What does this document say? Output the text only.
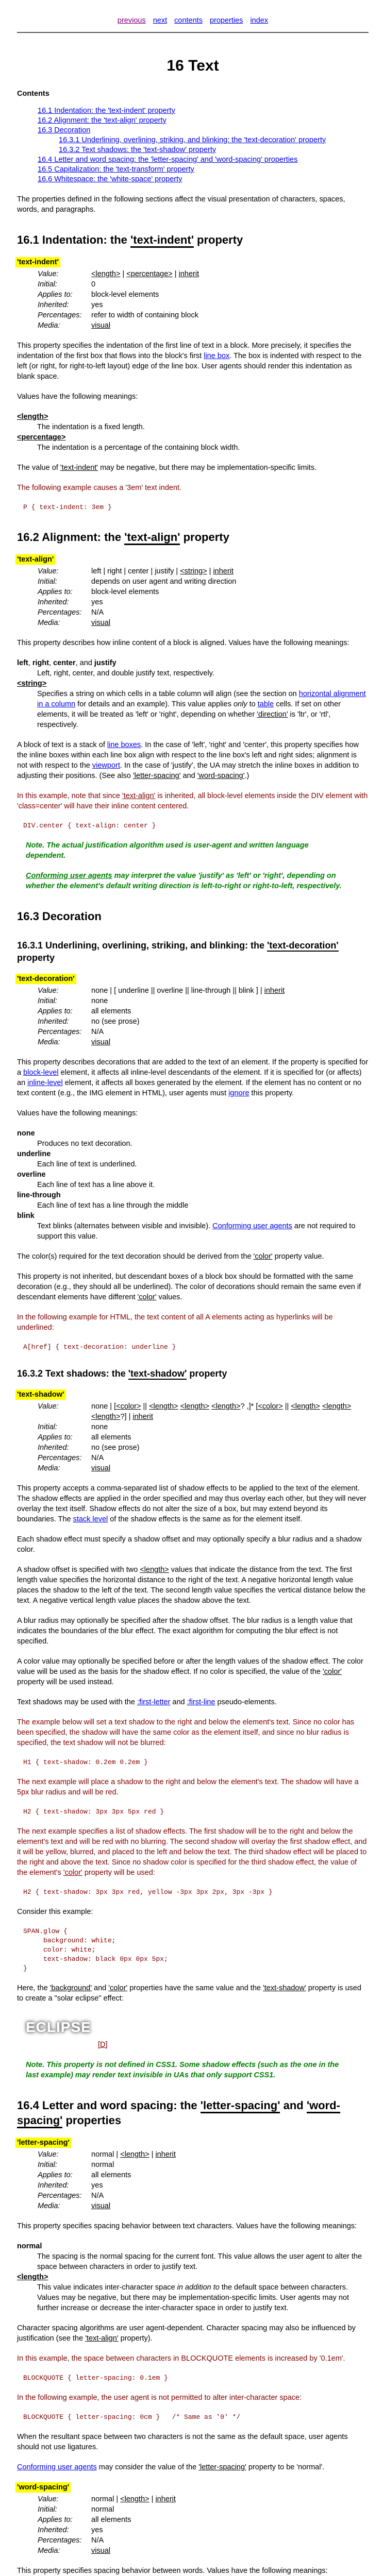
previous next contents properties index
16 Text
Contents
16.1 Indentation: the 'text-indent' property
16.2 Alignment: the 'text-align' property
16.3 Decoration
16.3.1 Underlining, overlining, striking, and blinking: the 'text-decoration' property
16.3.2 Text shadows: the 'text-shadow' property
16.4 Letter and word spacing: the 'letter-spacing' and 'word-spacing' properties
16.5 Capitalization: the 'text-transform' property
16.6 Whitespace: the 'white-space' property

The properties defined in the following sections affect the visual presentation of characters, spaces, words, and paragraphs.

16.1 Indentation: the 'text-indent' property
'text-indent'
Value:	<length> | <percentage> | inherit
Initial:	0
Applies to:	block-level elements
Inherited:	yes
Percentages:	refer to width of containing block
Media:	visual

This property specifies the indentation of the first line of text in a block. More precisely, it specifies the indentation of the first box that flows into the block's first line box. The box is indented with respect to the left (or right, for right-to-left layout) edge of the line box. User agents should render this indentation as blank space.

Values have the following meanings:

<length>
The indentation is a fixed length.
<percentage>
The indentation is a percentage of the containing block width.

The value of 'text-indent' may be negative, but there may be implementation-specific limits.

The following example causes a '3em' text indent.

P { text-indent: 3em }
16.2 Alignment: the 'text-align' property
'text-align'
Value:	left | right | center | justify | <string> | inherit
Initial:	depends on user agent and writing direction
Applies to:	block-level elements
Inherited:	yes
Percentages:	N/A
Media:	visual

This property describes how inline content of a block is aligned. Values have the following meanings:

left, right, center, and justify
Left, right, center, and double justify text, respectively.
<string>
Specifies a string on which cells in a table column will align (see the section on horizontal alignment in a column for details and an example). This value applies only to table cells. If set on other elements, it will be treated as 'left' or 'right', depending on whether 'direction' is 'ltr', or 'rtl', respectively.

A block of text is a stack of line boxes. In the case of 'left', 'right' and 'center', this property specifies how the inline boxes within each line box align with respect to the line box's left and right sides; alignment is not with respect to the viewport. In the case of 'justify', the UA may stretch the inline boxes in addition to adjusting their positions. (See also 'letter-spacing' and 'word-spacing'.)

In this example, note that since 'text-align' is inherited, all block-level elements inside the DIV element with 'class=center' will have their inline content centered.

DIV.center { text-align: center }

Note. The actual justification algorithm used is user-agent and written language dependent.

Conforming user agents may interpret the value 'justify' as 'left' or 'right', depending on whether the element's default writing direction is left-to-right or right-to-left, respectively.

16.3 Decoration
16.3.1 Underlining, overlining, striking, and blinking: the 'text-decoration' property
'text-decoration'
Value:	none | [ underline || overline || line-through || blink ] | inherit
Initial:	none
Applies to:	all elements
Inherited:	no (see prose)
Percentages:	N/A
Media:	visual

This property describes decorations that are added to the text of an element. If the property is specified for a block-level element, it affects all inline-level descendants of the element. If it is specified for (or affects) an inline-level element, it affects all boxes generated by the element. If the element has no content or no text content (e.g., the IMG element in HTML), user agents must ignore this property.

Values have the following meanings:

none
Produces no text decoration.
underline
Each line of text is underlined.
overline
Each line of text has a line above it.
line-through
Each line of text has a line through the middle
blink
Text blinks (alternates between visible and invisible). Conforming user agents are not required to support this value.

The color(s) required for the text decoration should be derived from the 'color' property value.

This property is not inherited, but descendant boxes of a block box should be formatted with the same decoration (e.g., they should all be underlined). The color of decorations should remain the same even if descendant elements have different 'color' values.

In the following example for HTML, the text content of all A elements acting as hyperlinks will be underlined:

A[href] { text-decoration: underline }
16.3.2 Text shadows: the 'text-shadow' property
'text-shadow'
Value:	none | [<color> || <length> <length> <length>? ,]* [<color> || <length> <length> <length>?] | inherit
Initial:	none
Applies to:	all elements
Inherited:	no (see prose)
Percentages:	N/A
Media:	visual

This property accepts a comma-separated list of shadow effects to be applied to the text of the element. The shadow effects are applied in the order specified and may thus overlay each other, but they will never overlay the text itself. Shadow effects do not alter the size of a box, but may extend beyond its boundaries. The stack level of the shadow effects is the same as for the element itself.

Each shadow effect must specify a shadow offset and may optionally specify a blur radius and a shadow color.

A shadow offset is specified with two <length> values that indicate the distance from the text. The first length value specifies the horizontal distance to the right of the text. A negative horizontal length value places the shadow to the left of the text. The second length value specifies the vertical distance below the text. A negative vertical length value places the shadow above the text.

A blur radius may optionally be specified after the shadow offset. The blur radius is a length value that indicates the boundaries of the blur effect. The exact algorithm for computing the blur effect is not specified.

A color value may optionally be specified before or after the length values of the shadow effect. The color value will be used as the basis for the shadow effect. If no color is specified, the value of the 'color' property will be used instead.

Text shadows may be used with the :first-letter and :first-line pseudo-elements.

The example below will set a text shadow to the right and below the element's text. Since no color has been specified, the shadow will have the same color as the element itself, and since no blur radius is specified, the text shadow will not be blurred:

H1 { text-shadow: 0.2em 0.2em }

The next example will place a shadow to the right and below the element's text. The shadow will have a 5px blur radius and will be red.

H2 { text-shadow: 3px 3px 5px red }

The next example specifies a list of shadow effects. The first shadow will be to the right and below the element's text and will be red with no blurring. The second shadow will overlay the first shadow effect, and it will be yellow, blurred, and placed to the left and below the text. The third shadow effect will be placed to the right and above the text. Since no shadow color is specified for the third shadow effect, the value of the element's 'color' property will be used:

H2 { text-shadow: 3px 3px red, yellow -3px 3px 2px, 3px -3px }

Consider this example:

SPAN.glow {
background: white;
color: white;
text-shadow: black 0px 0px 5px;
}

Here, the 'background' and 'color' properties have the same value and the 'text-shadow' property is used to create a "solar eclipse" effect:

ECLIPSE
[D]

Note. This property is not defined in CSS1. Some shadow effects (such as the one in the last example) may render text invisible in UAs that only support CSS1.

16.4 Letter and word spacing: the 'letter-spacing' and 'word-spacing' properties
'letter-spacing'
Value:	normal | <length> | inherit
Initial:	normal
Applies to:	all elements
Inherited:	yes
Percentages:	N/A
Media:	visual

This property specifies spacing behavior between text characters. Values have the following meanings:

normal
The spacing is the normal spacing for the current font. This value allows the user agent to alter the space between characters in order to justify text.
<length>
This value indicates inter-character space in addition to the default space between characters. Values may be negative, but there may be implementation-specific limits. User agents may not further increase or decrease the inter-character space in order to justify text.

Character spacing algorithms are user agent-dependent. Character spacing may also be influenced by justification (see the 'text-align' property).

In this example, the space between characters in BLOCKQUOTE elements is increased by '0.1em'.

BLOCKQUOTE { letter-spacing: 0.1em }

In the following example, the user agent is not permitted to alter inter-character space:

BLOCKQUOTE { letter-spacing: 0cm }   /* Same as '0' */

When the resultant space between two characters is not the same as the default space, user agents should not use ligatures.

Conforming user agents may consider the value of the 'letter-spacing' property to be 'normal'.

'word-spacing'
Value:	normal | <length> | inherit
Initial:	normal
Applies to:	all elements
Inherited:	yes
Percentages:	N/A
Media:	visual

This property specifies spacing behavior between words. Values have the following meanings:
